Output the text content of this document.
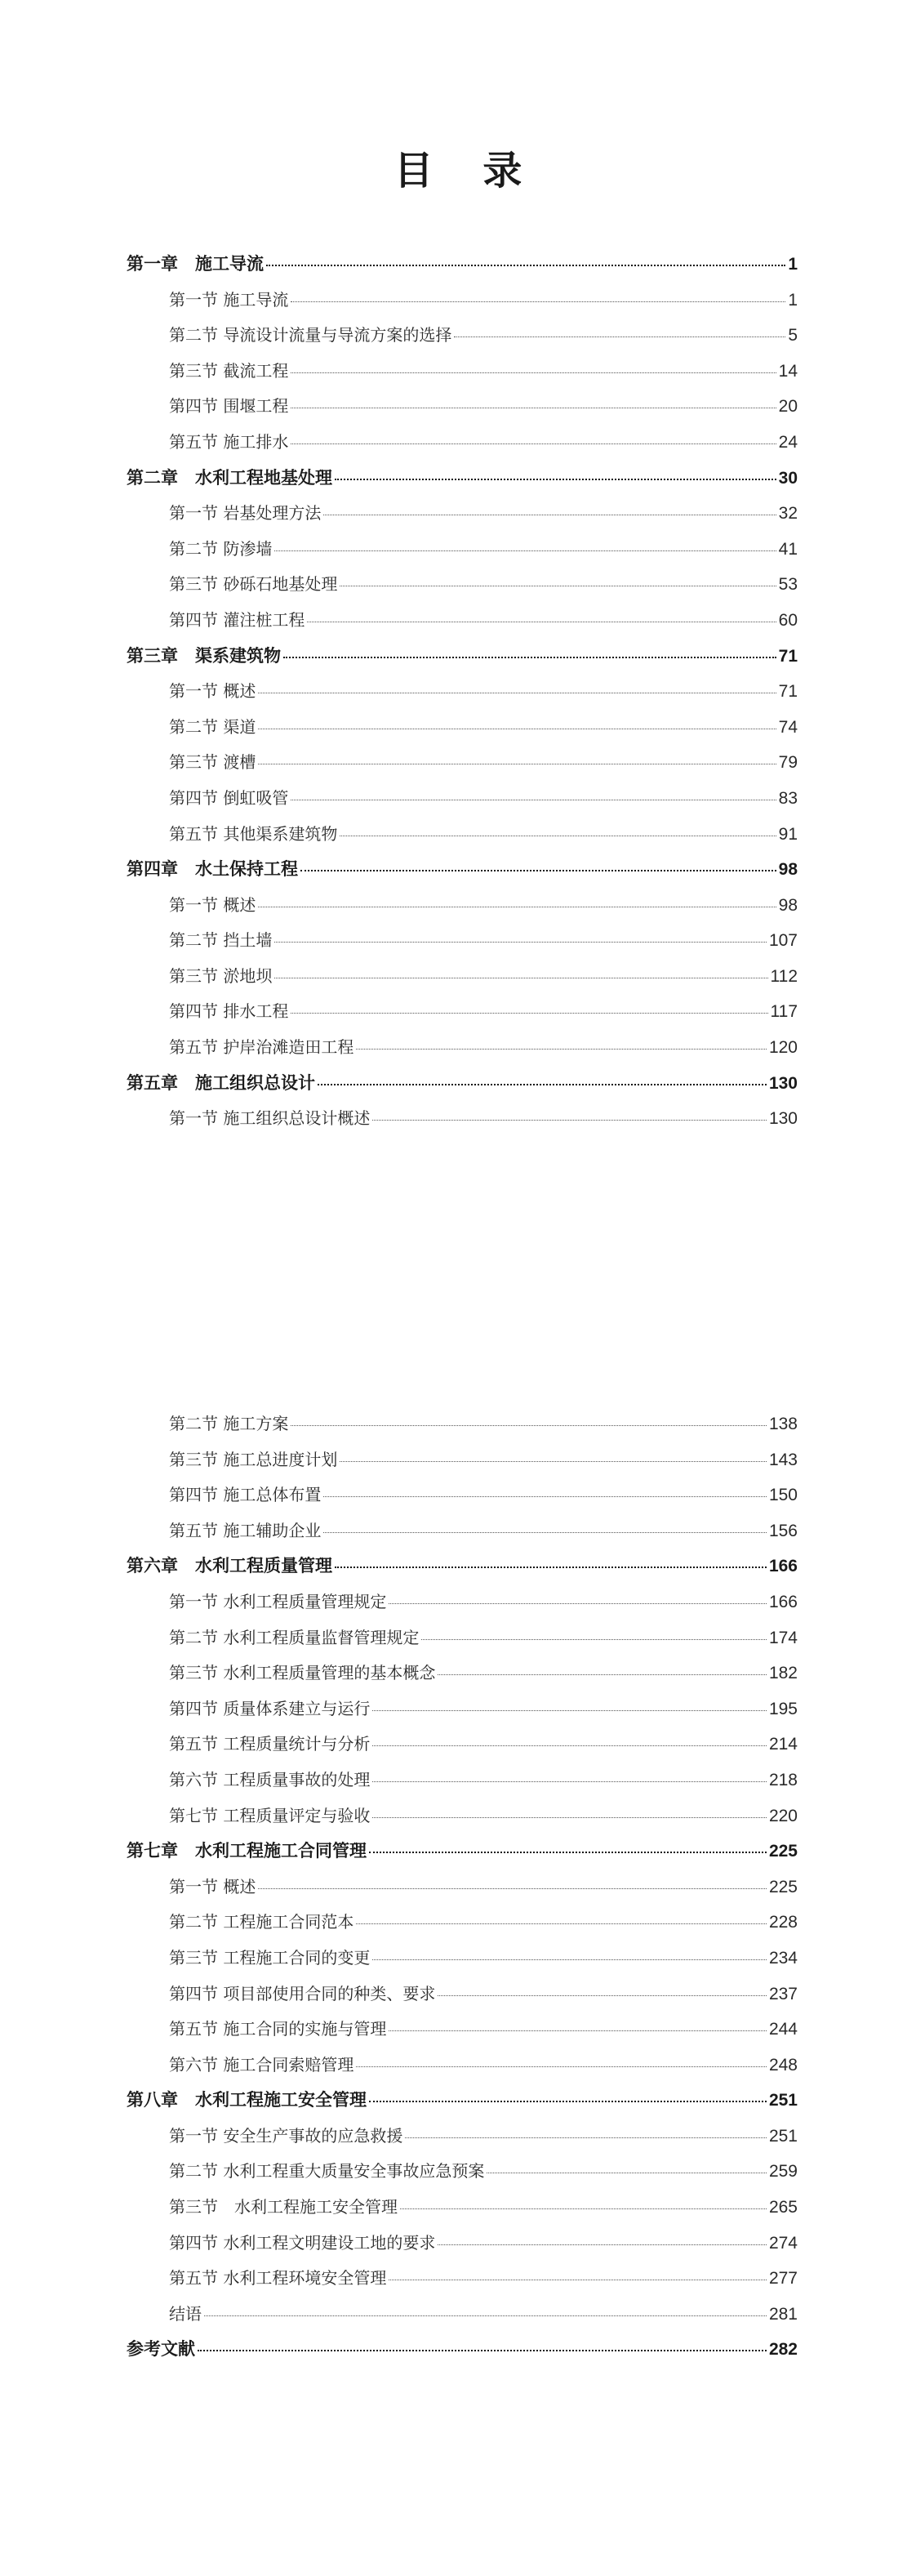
目 录
第一章　施工导流	1
第一节 施工导流	1
第二节 导流设计流量与导流方案的选择	5
第三节 截流工程	14
第四节 围堰工程	20
第五节 施工排水	24
第二章　水利工程地基处理	30
第一节 岩基处理方法	32
第二节 防渗墙	41
第三节 砂砾石地基处理	53
第四节 灌注桩工程	60
第三章　渠系建筑物	71
第一节 概述	71
第二节 渠道	74
第三节 渡槽	79
第四节 倒虹吸管	83
第五节 其他渠系建筑物	91
第四章　水土保持工程	98
第一节 概述	98
第二节 挡土墙	107
第三节 淤地坝	112
第四节 排水工程	117
第五节 护岸治滩造田工程	120
第五章　施工组织总设计	130
第一节 施工组织总设计概述	130
第二节 施工方案	138
第三节 施工总进度计划	143
第四节 施工总体布置	150
第五节 施工辅助企业	156
第六章　水利工程质量管理	166
第一节 水利工程质量管理规定	166
第二节 水利工程质量监督管理规定	174
第三节 水利工程质量管理的基本概念	182
第四节 质量体系建立与运行	195
第五节 工程质量统计与分析	214
第六节 工程质量事故的处理	218
第七节 工程质量评定与验收	220
第七章　水利工程施工合同管理	225
第一节 概述	225
第二节 工程施工合同范本	228
第三节 工程施工合同的变更	234
第四节 项目部使用合同的种类、要求	237
第五节 施工合同的实施与管理	244
第六节 施工合同索赔管理	248
第八章　水利工程施工安全管理	251
第一节 安全生产事故的应急救援	251
第二节 水利工程重大质量安全事故应急预案	259
第三节　水利工程施工安全管理	265
第四节 水利工程文明建设工地的要求	274
第五节 水利工程环境安全管理	277
结语	281
参考文献	282
